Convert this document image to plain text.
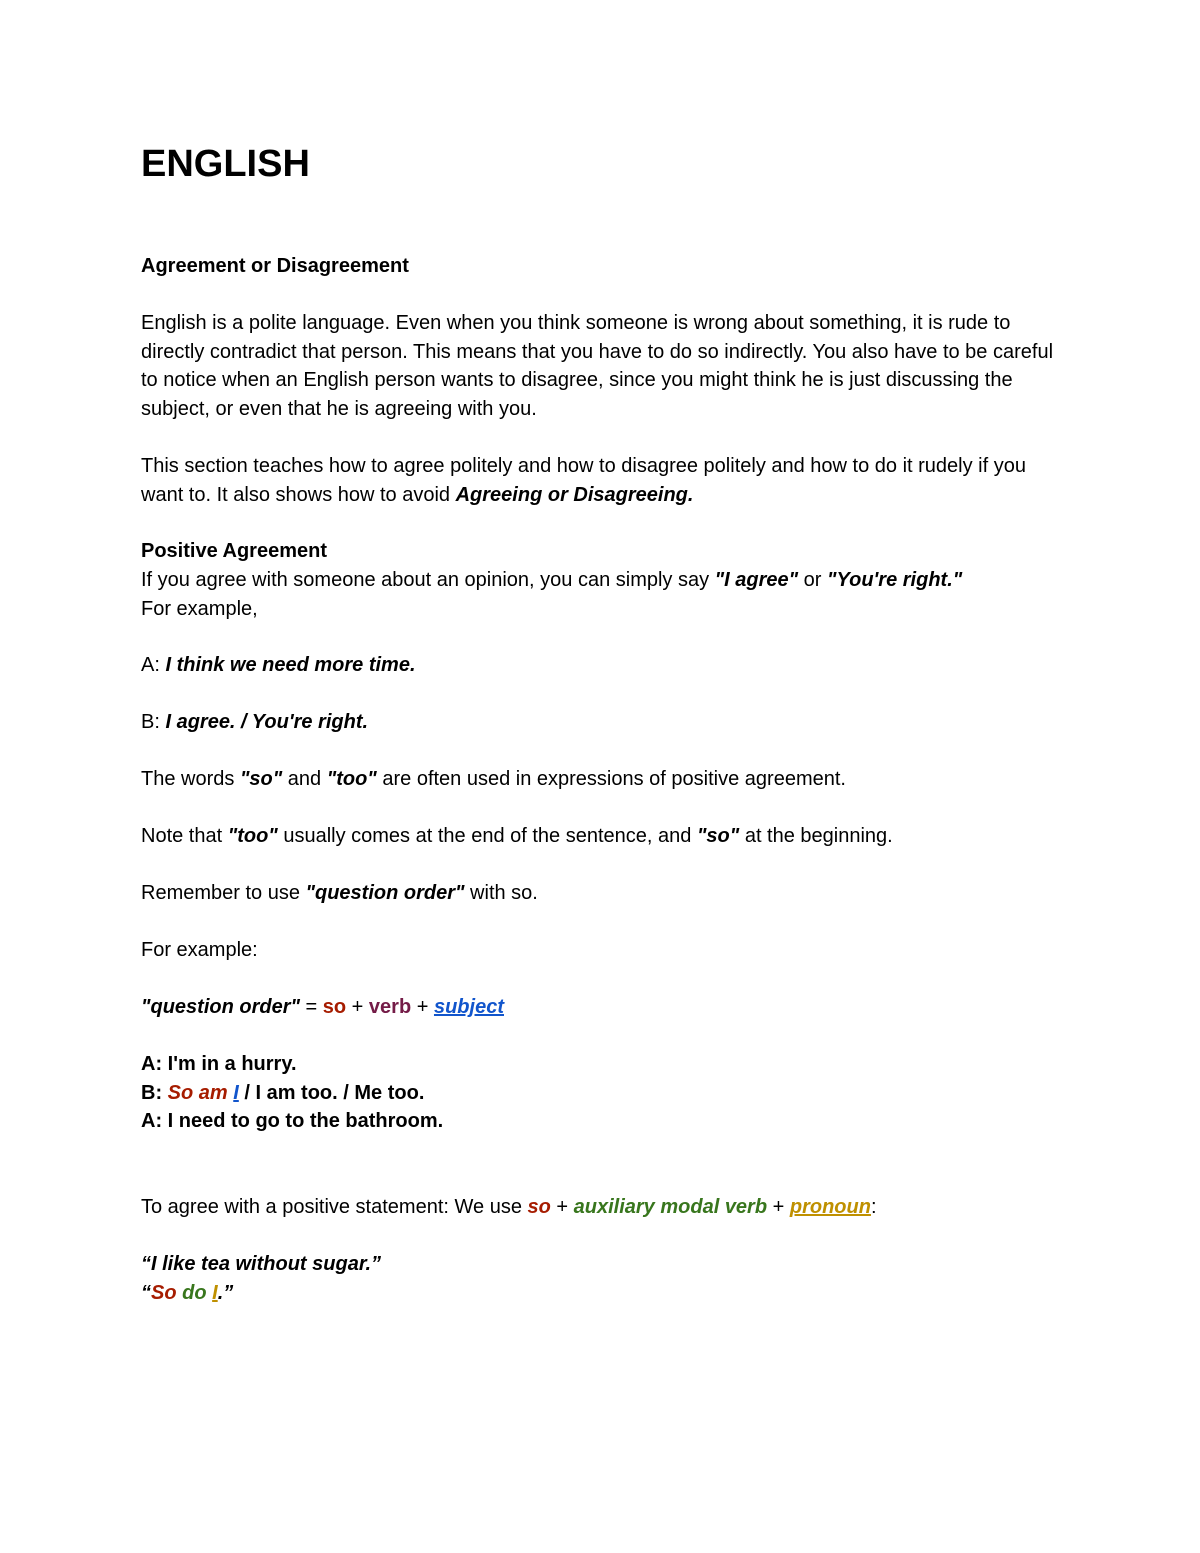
ENGLISH

Agreement or Disagreement

English is a polite language. Even when you think someone is wrong about something, it is rude to directly contradict that person. This means that you have to do so indirectly. You also have to be careful to notice when an English person wants to disagree, since you might think he is just discussing the subject, or even that he is agreeing with you.

This section teaches how to agree politely and how to disagree politely and how to do it rudely if you want to. It also shows how to avoid Agreeing or Disagreeing.

Positive Agreement

If you agree with someone about an opinion, you can simply say "I agree" or "You're right."
For example,

A: I think we need more time.

B: I agree. / You're right.

The words "so" and "too" are often used in expressions of positive agreement.

Note that "too" usually comes at the end of the sentence, and "so" at the beginning.

Remember to use "question order" with so.

For example:

"question order" = so + verb + subject

A: I'm in a hurry.
B: So am I / I am too. / Me too.
A: I need to go to the bathroom.

To agree with a positive statement: We use so + auxiliary modal verb + pronoun:

“I like tea without sugar.”
“So do I.”
